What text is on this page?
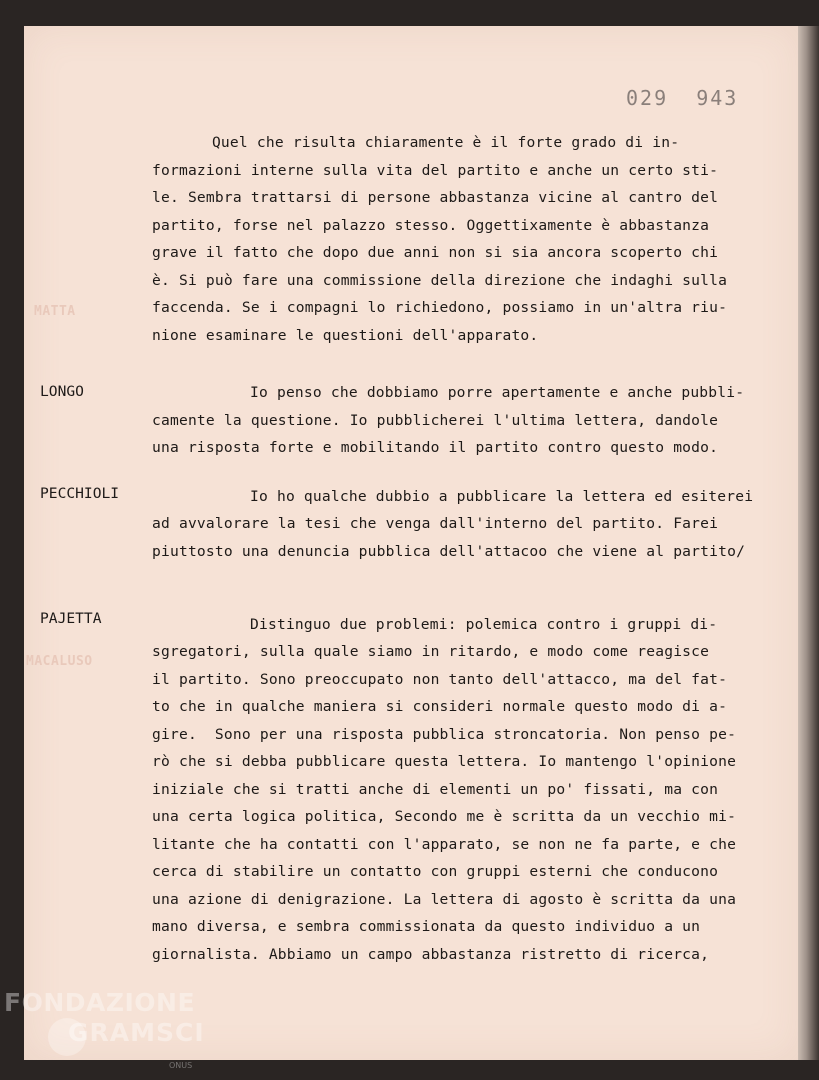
029  943
MATTA
MACALUSO
Quel che risulta chiaramente è il forte grado di in-
formazioni interne sulla vita del partito e anche un certo sti-
le. Sembra trattarsi di persone abbastanza vicine al cantro del
partito, forse nel palazzo stesso. Oggettixamente è abbastanza
grave il fatto che dopo due anni non si sia ancora scoperto chi
è. Si può fare una commissione della direzione che indaghi sulla
faccenda. Se i compagni lo richiedono, possiamo in un'altra riu-
nione esaminare le questioni dell'apparato.
LONGO	Io penso che dobbiamo porre apertamente e anche pubbli-
camente la questione. Io pubblicherei l'ultima lettera, dandole
una risposta forte e mobilitando il partito contro questo modo.
PECCHIOLI	Io ho qualche dubbio a pubblicare la lettera ed esiterei
ad avvalorare la tesi che venga dall'interno del partito. Farei
piuttosto una denuncia pubblica dell'attacoo che viene al partito/
PAJETTA	Distinguo due problemi: polemica contro i gruppi di-
sgregatori, sulla quale siamo in ritardo, e modo come reagisce
il partito. Sono preoccupato non tanto dell'attacco, ma del fat-
to che in qualche maniera si consideri normale questo modo di a-
gire.  Sono per una risposta pubblica stroncatoria. Non penso pe-
rò che si debba pubblicare questa lettera. Io mantengo l'opinione
iniziale che si tratti anche di elementi un po' fissati, ma con
una certa logica politica, Secondo me è scritta da un vecchio mi-
litante che ha contatti con l'apparato, se non ne fa parte, e che
cerca di stabilire un contatto con gruppi esterni che conducono
una azione di denigrazione. La lettera di agosto è scritta da una
mano diversa, e sembra commissionata da questo individuo a un
giornalista. Abbiamo un campo abbastanza ristretto di ricerca,
FONDAZIONE
GRAMSCI
ONUS
